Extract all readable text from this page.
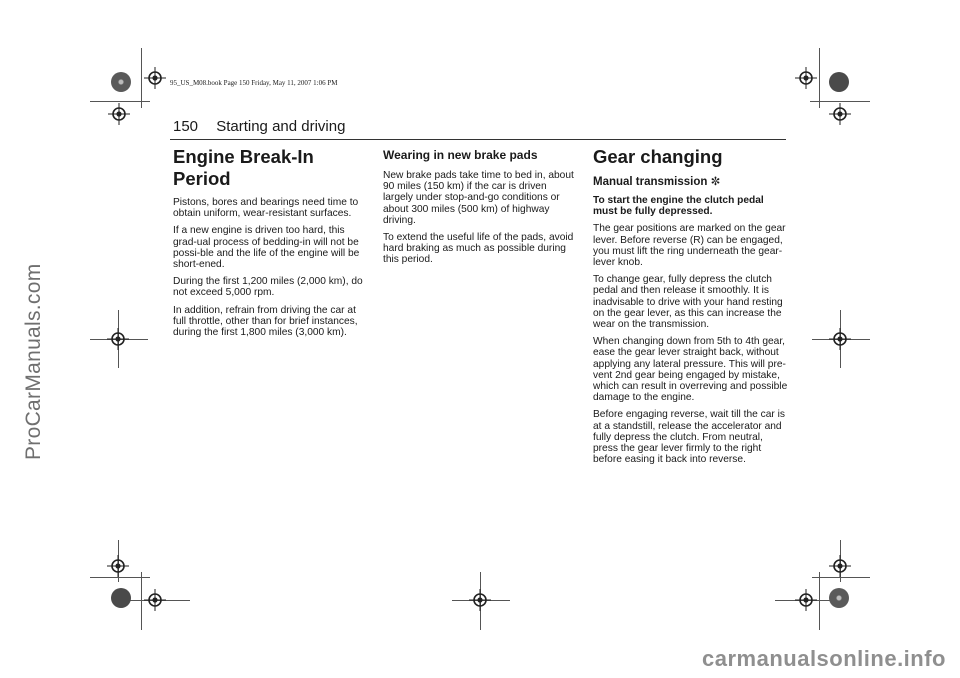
95_US_M08.book Page 150 Friday, May 11, 2007 1:06 PM
ProCarManuals.com
150 Starting and driving
Engine Break-In Period

Pistons, bores and bearings need time to obtain uniform, wear-resistant surfaces.

If a new engine is driven too hard, this grad-ual process of bedding-in will not be possi-ble and the life of the engine will be short-ened.

During the first 1,200 miles (2,000 km), do not exceed 5,000 rpm.

In addition, refrain from driving the car at full throttle, other than for brief instances, during the first 1,800 miles (3,000 km).

Wearing in new brake pads

New brake pads take time to bed in, about 90 miles (150 km) if the car is driven largely under stop-and-go conditions or about 300 miles (500 km) of highway driving.

To extend the useful life of the pads, avoid hard braking as much as possible during this period.

Gear changing
Manual transmission ✼

To start the engine the clutch pedal must be fully depressed.

The gear positions are marked on the gear lever. Before reverse (R) can be engaged, you must lift the ring underneath the gear-lever knob.

To change gear, fully depress the clutch pedal and then release it smoothly. It is inadvisable to drive with your hand resting on the gear lever, as this can increase the wear on the transmission.

When changing down from 5th to 4th gear, ease the gear lever straight back, without applying any lateral pressure. This will pre-vent 2nd gear being engaged by mistake, which can result in overreving and possible damage to the engine.

Before engaging reverse, wait till the car is at a standstill, release the accelerator and fully depress the clutch. From neutral, press the gear lever firmly to the right before easing it back into reverse.

carmanualsonline.info
